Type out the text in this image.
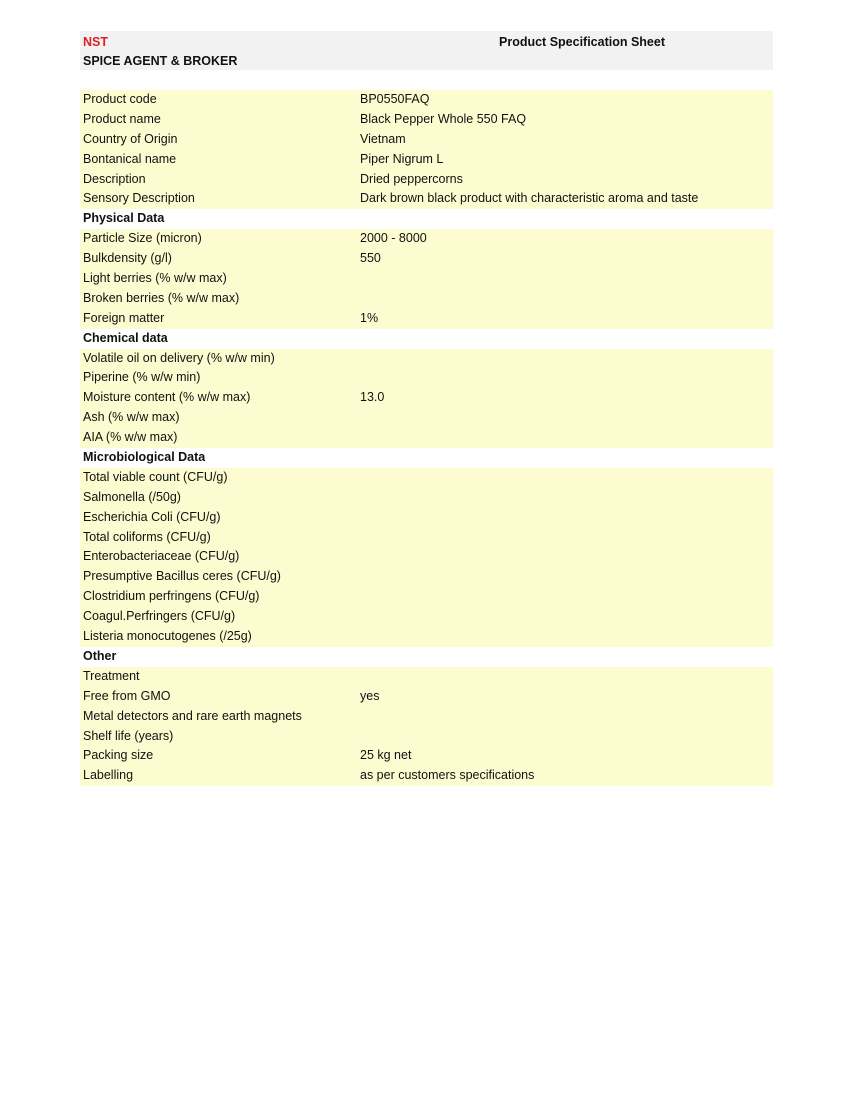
NST
SPICE AGENT & BROKER
Product Specification Sheet
Product code	BP0550FAQ
Product name	Black Pepper Whole 550 FAQ
Country of Origin	Vietnam
Bontanical name	Piper Nigrum L
Description	Dried peppercorns
Sensory Description	Dark brown black product with characteristic aroma and taste
Physical Data
Particle Size (micron)	2000 - 8000
Bulkdensity (g/l)	550
Light berries (% w/w max)
Broken berries (% w/w max)
Foreign matter	1%
Chemical data
Volatile oil on delivery (% w/w min)
Piperine (% w/w min)
Moisture content (% w/w max)	13.0
Ash (% w/w max)
AIA (% w/w max)
Microbiological Data
Total viable count (CFU/g)
Salmonella (/50g)
Escherichia Coli (CFU/g)
Total coliforms (CFU/g)
Enterobacteriaceae (CFU/g)
Presumptive Bacillus ceres (CFU/g)
Clostridium perfringens (CFU/g)
Coagul.Perfringers (CFU/g)
Listeria monocutogenes (/25g)
Other
Treatment
Free from GMO	yes
Metal detectors and rare earth magnets
Shelf life (years)
Packing size	25 kg net
Labelling	as per customers specifications
